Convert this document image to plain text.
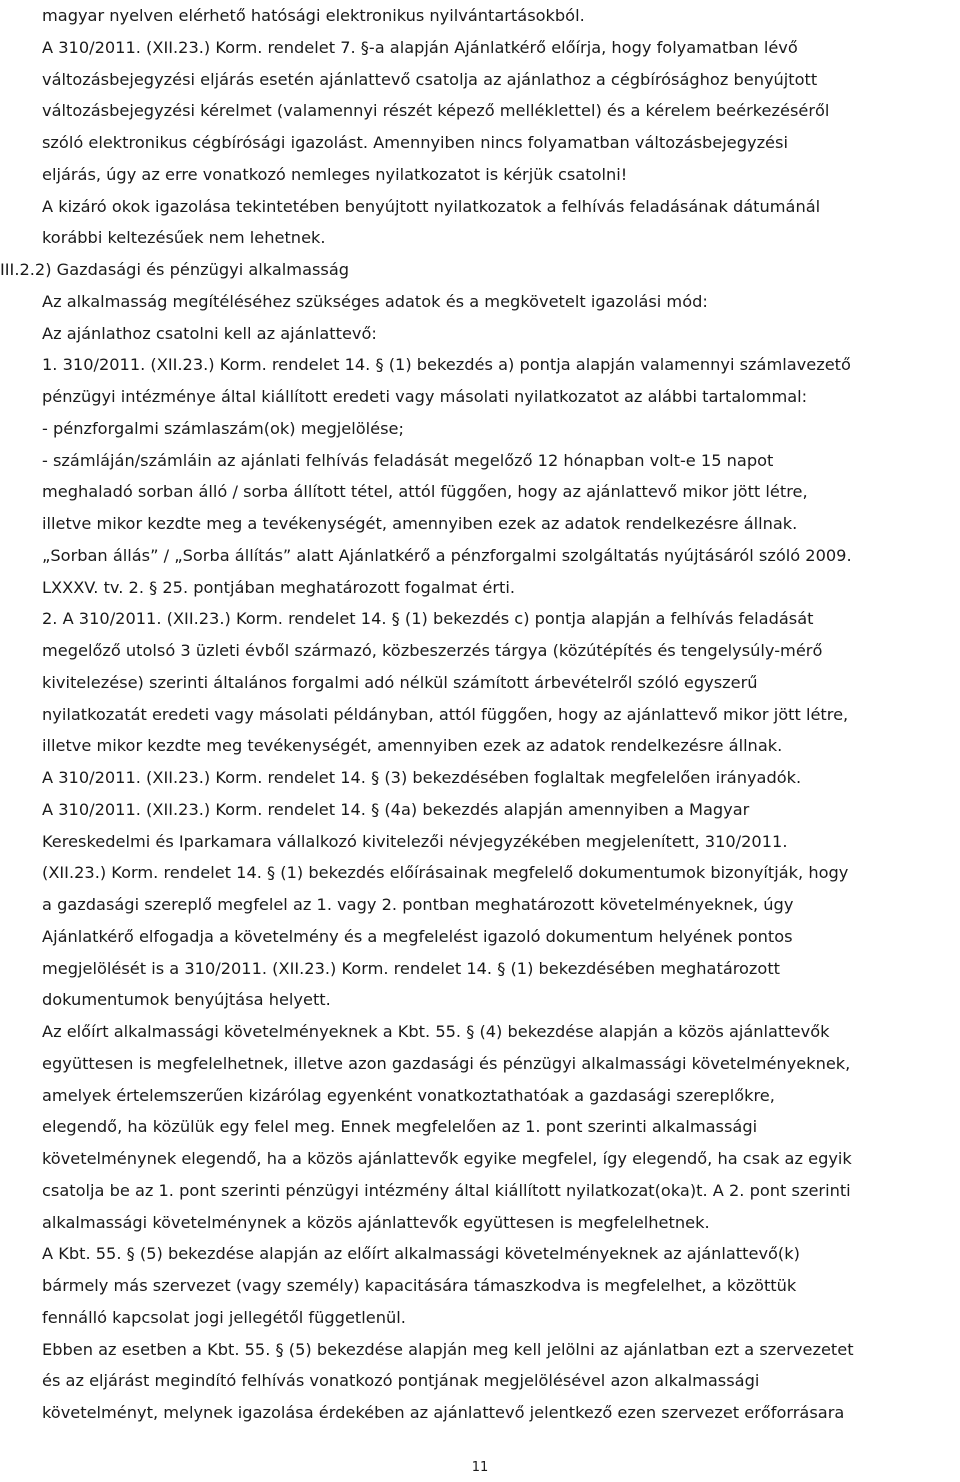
magyar nyelven elérhető hatósági elektronikus nyilvántartásokból.
A 310/2011. (XII.23.) Korm. rendelet 7. §-a alapján Ajánlatkérő előírja, hogy folyamatban lévő
változásbejegyzési eljárás esetén ajánlattevő csatolja az ajánlathoz a cégbírósághoz benyújtott
változásbejegyzési kérelmet (valamennyi részét képező melléklettel) és a kérelem beérkezéséről
szóló elektronikus cégbírósági igazolást. Amennyiben nincs folyamatban változásbejegyzési
eljárás, úgy az erre vonatkozó nemleges nyilatkozatot is kérjük csatolni!
A kizáró okok igazolása tekintetében benyújtott nyilatkozatok a felhívás feladásának dátumánál
korábbi keltezésűek nem lehetnek.
III.2.2) Gazdasági és pénzügyi alkalmasság
Az alkalmasság megítéléséhez szükséges adatok és a megkövetelt igazolási mód:
Az ajánlathoz csatolni kell az ajánlattevő:
1. 310/2011. (XII.23.) Korm. rendelet 14. § (1) bekezdés a) pontja alapján valamennyi számlavezető
pénzügyi intézménye által kiállított eredeti vagy másolati nyilatkozatot az alábbi tartalommal:
- pénzforgalmi számlaszám(ok) megjelölése;
- számláján/számláin az ajánlati felhívás feladását megelőző 12 hónapban volt-e 15 napot
meghaladó sorban álló / sorba állított tétel, attól függően, hogy az ajánlattevő mikor jött létre,
illetve mikor kezdte meg a tevékenységét, amennyiben ezek az adatok rendelkezésre állnak.
„Sorban állás” / „Sorba állítás” alatt Ajánlatkérő a pénzforgalmi szolgáltatás nyújtásáról szóló 2009.
LXXXV. tv. 2. § 25. pontjában meghatározott fogalmat érti.
2. A 310/2011. (XII.23.) Korm. rendelet 14. § (1) bekezdés c) pontja alapján a felhívás feladását
megelőző utolsó 3 üzleti évből származó, közbeszerzés tárgya (közútépítés és tengelysúly-mérő
kivitelezése) szerinti általános forgalmi adó nélkül számított árbevételről szóló egyszerű
nyilatkozatát eredeti vagy másolati példányban, attól függően, hogy az ajánlattevő mikor jött létre,
illetve mikor kezdte meg tevékenységét, amennyiben ezek az adatok rendelkezésre állnak.
A 310/2011. (XII.23.) Korm. rendelet 14. § (3) bekezdésében foglaltak megfelelően irányadók.
A 310/2011. (XII.23.) Korm. rendelet 14. § (4a) bekezdés alapján amennyiben a Magyar
Kereskedelmi és Iparkamara vállalkozó kivitelezői névjegyzékében megjelenített, 310/2011.
(XII.23.) Korm. rendelet 14. § (1) bekezdés előírásainak megfelelő dokumentumok bizonyítják, hogy
a gazdasági szereplő megfelel az 1. vagy 2. pontban meghatározott követelményeknek, úgy
Ajánlatkérő elfogadja a követelmény és a megfelelést igazoló dokumentum helyének pontos
megjelölését is a 310/2011. (XII.23.) Korm. rendelet 14. § (1) bekezdésében meghatározott
dokumentumok benyújtása helyett.
Az előírt alkalmassági követelményeknek a Kbt. 55. § (4) bekezdése alapján a közös ajánlattevők
együttesen is megfelelhetnek, illetve azon gazdasági és pénzügyi alkalmassági követelményeknek,
amelyek értelemszerűen kizárólag egyenként vonatkoztathatóak a gazdasági szereplőkre,
elegendő, ha közülük egy felel meg. Ennek megfelelően az 1. pont szerinti alkalmassági
követelménynek elegendő, ha a közös ajánlattevők egyike megfelel, így elegendő, ha csak az egyik
csatolja be az 1. pont szerinti pénzügyi intézmény által kiállított nyilatkozat(oka)t. A 2. pont szerinti
alkalmassági követelménynek a közös ajánlattevők együttesen is megfelelhetnek.
A Kbt. 55. § (5) bekezdése alapján az előírt alkalmassági követelményeknek az ajánlattevő(k)
bármely más szervezet (vagy személy) kapacitására támaszkodva is megfelelhet, a közöttük
fennálló kapcsolat jogi jellegétől függetlenül.
Ebben az esetben a Kbt. 55. § (5) bekezdése alapján meg kell jelölni az ajánlatban ezt a szervezetet
és az eljárást megindító felhívás vonatkozó pontjának megjelölésével azon alkalmassági
követelményt, melynek igazolása érdekében az ajánlattevő jelentkező ezen szervezet erőforrásara
11
